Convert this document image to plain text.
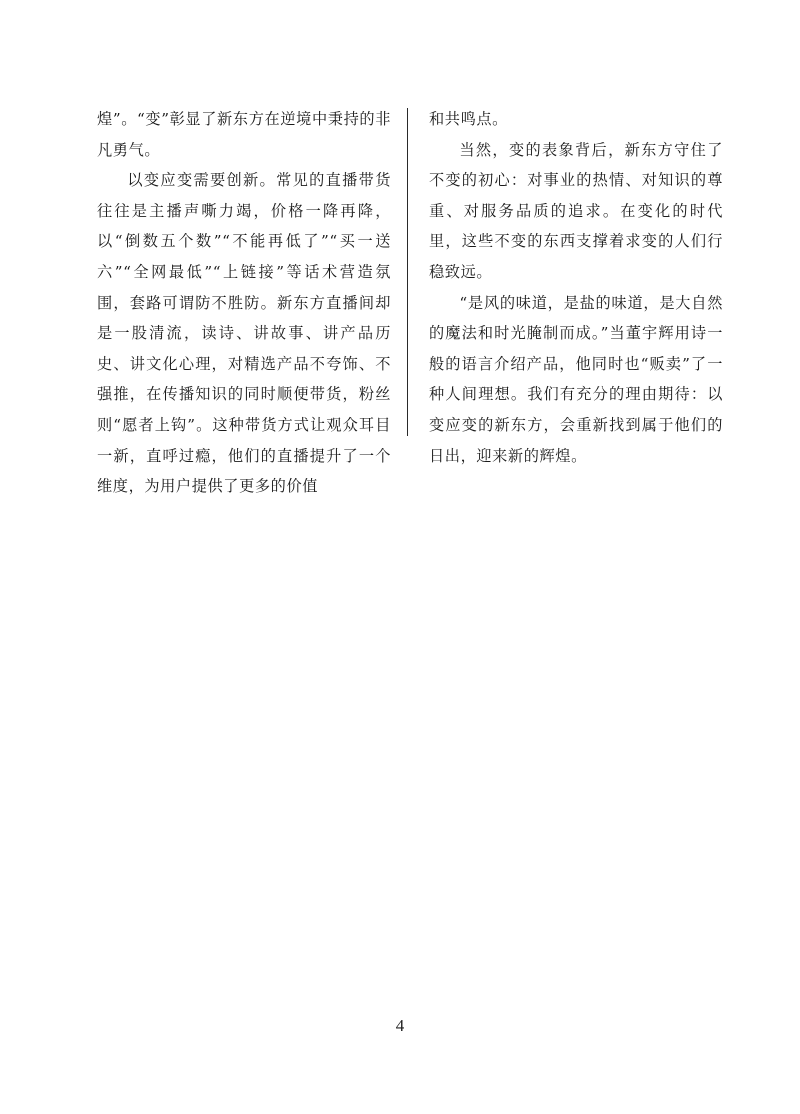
煌”。“变”彰显了新东方在逆境中秉持的非凡勇气。

以变应变需要创新。常见的直播带货往往是主播声嘶力竭，价格一降再降，以“倒数五个数”“不能再低了”“买一送六”“全网最低”“上链接”等话术营造氛围，套路可谓防不胜防。新东方直播间却是一股清流，读诗、讲故事、讲产品历史、讲文化心理，对精选产品不夸饰、不强推，在传播知识的同时顺便带货，粉丝则“愿者上钩”。这种带货方式让观众耳目一新，直呼过瘾，他们的直播提升了一个维度，为用户提供了更多的价值

和共鸣点。

当然，变的表象背后，新东方守住了不变的初心：对事业的热情、对知识的尊重、对服务品质的追求。在变化的时代里，这些不变的东西支撑着求变的人们行稳致远。

“是风的味道，是盐的味道，是大自然的魔法和时光腌制而成。”当董宇辉用诗一般的语言介绍产品，他同时也“贩卖”了一种人间理想。我们有充分的理由期待：以变应变的新东方，会重新找到属于他们的日出，迎来新的辉煌。

4
